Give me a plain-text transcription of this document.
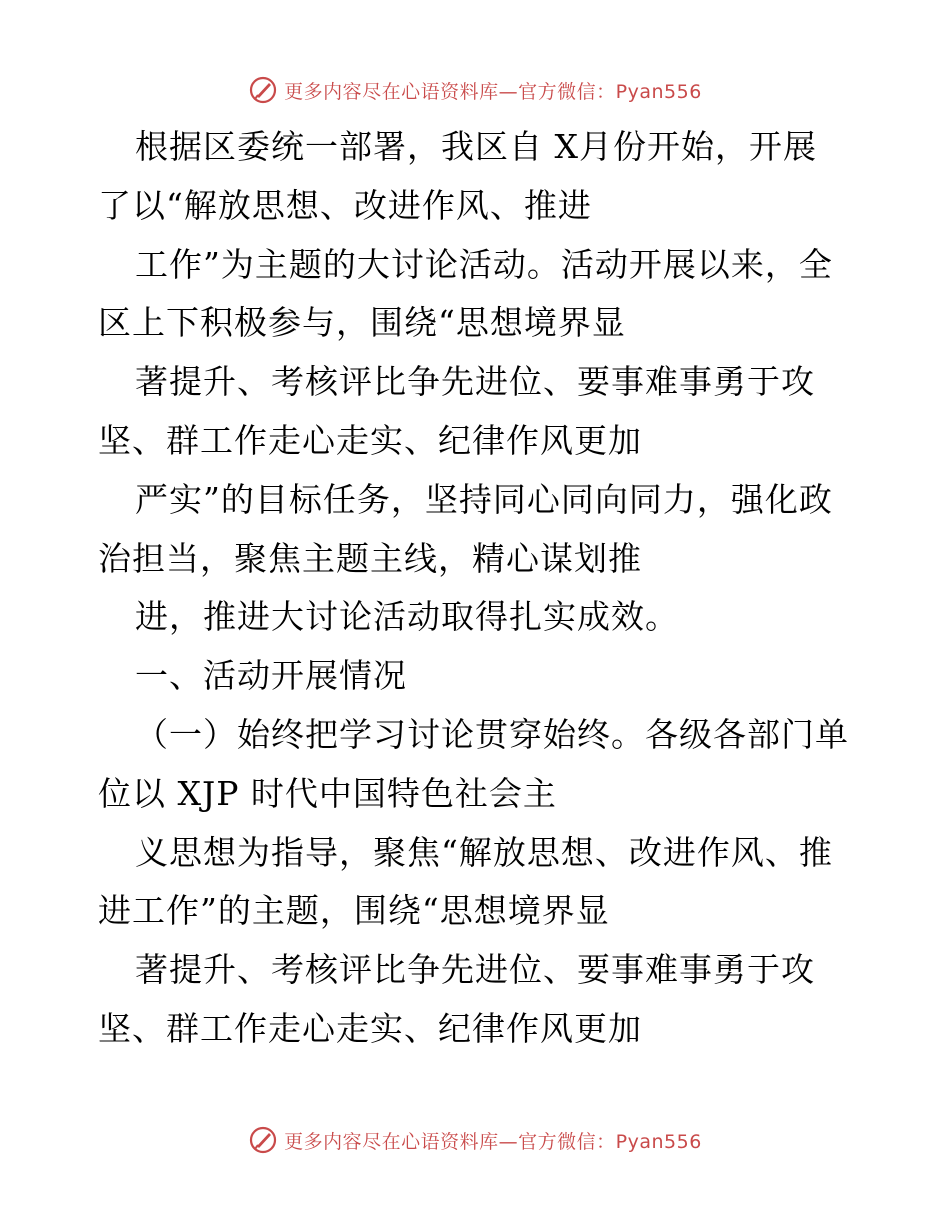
更多内容尽在心语资料库—官方微信：Pyan556
根据区委统一部署，我区自 X月份开始，开展
了以“解放思想、改进作风、推进
工作”为主题的大讨论活动。活动开展以来，全
区上下积极参与，围绕“思想境界显
著提升、考核评比争先进位、要事难事勇于攻
坚、群工作走心走实、纪律作风更加
严实”的目标任务，坚持同心同向同力，强化政
治担当，聚焦主题主线，精心谋划推
进，推进大讨论活动取得扎实成效。
一、活动开展情况
（一）始终把学习讨论贯穿始终。各级各部门单
位以 XJP 时代中国特色社会主
义思想为指导，聚焦“解放思想、改进作风、推
进工作”的主题，围绕“思想境界显
著提升、考核评比争先进位、要事难事勇于攻
坚、群工作走心走实、纪律作风更加
更多内容尽在心语资料库—官方微信：Pyan556
